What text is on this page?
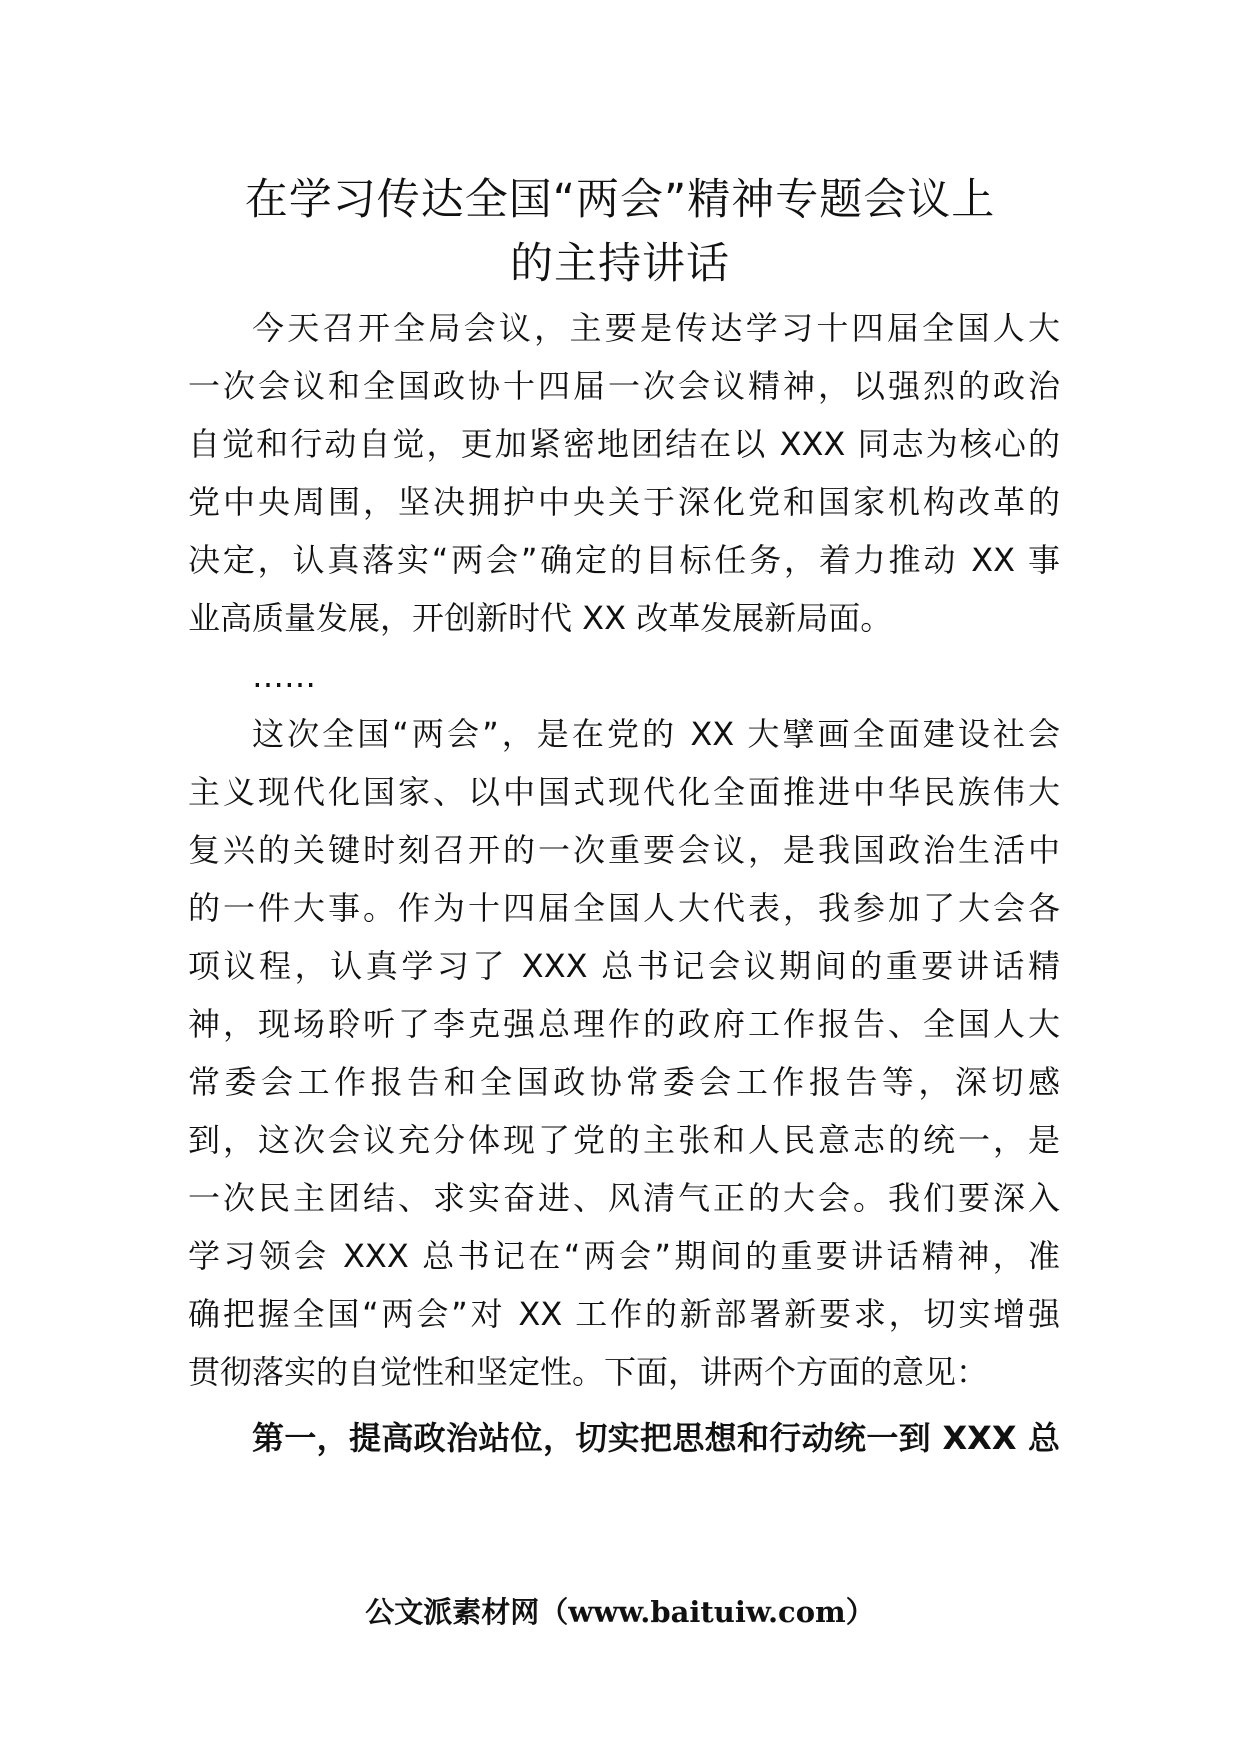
在学习传达全国“两会”精神专题会议上
的主持讲话
今天召开全局会议，主要是传达学习十四届全国人大
一次会议和全国政协十四届一次会议精神，以强烈的政治
自觉和行动自觉，更加紧密地团结在以 XXX 同志为核心的
党中央周围，坚决拥护中央关于深化党和国家机构改革的
决定，认真落实“两会”确定的目标任务，着力推动 XX 事
业高质量发展，开创新时代 XX 改革发展新局面。
……
这次全国“两会”，是在党的 XX 大擘画全面建设社会
主义现代化国家、以中国式现代化全面推进中华民族伟大
复兴的关键时刻召开的一次重要会议，是我国政治生活中
的一件大事。作为十四届全国人大代表，我参加了大会各
项议程，认真学习了 XXX 总书记会议期间的重要讲话精
神，现场聆听了李克强总理作的政府工作报告、全国人大
常委会工作报告和全国政协常委会工作报告等，深切感
到，这次会议充分体现了党的主张和人民意志的统一，是
一次民主团结、求实奋进、风清气正的大会。我们要深入
学习领会 XXX 总书记在“两会”期间的重要讲话精神，准
确把握全国“两会”对 XX 工作的新部署新要求，切实增强
贯彻落实的自觉性和坚定性。下面，讲两个方面的意见：
第一，提高政治站位，切实把思想和行动统一到 XXX 总
公文派素材网（www.baituiw.com）
